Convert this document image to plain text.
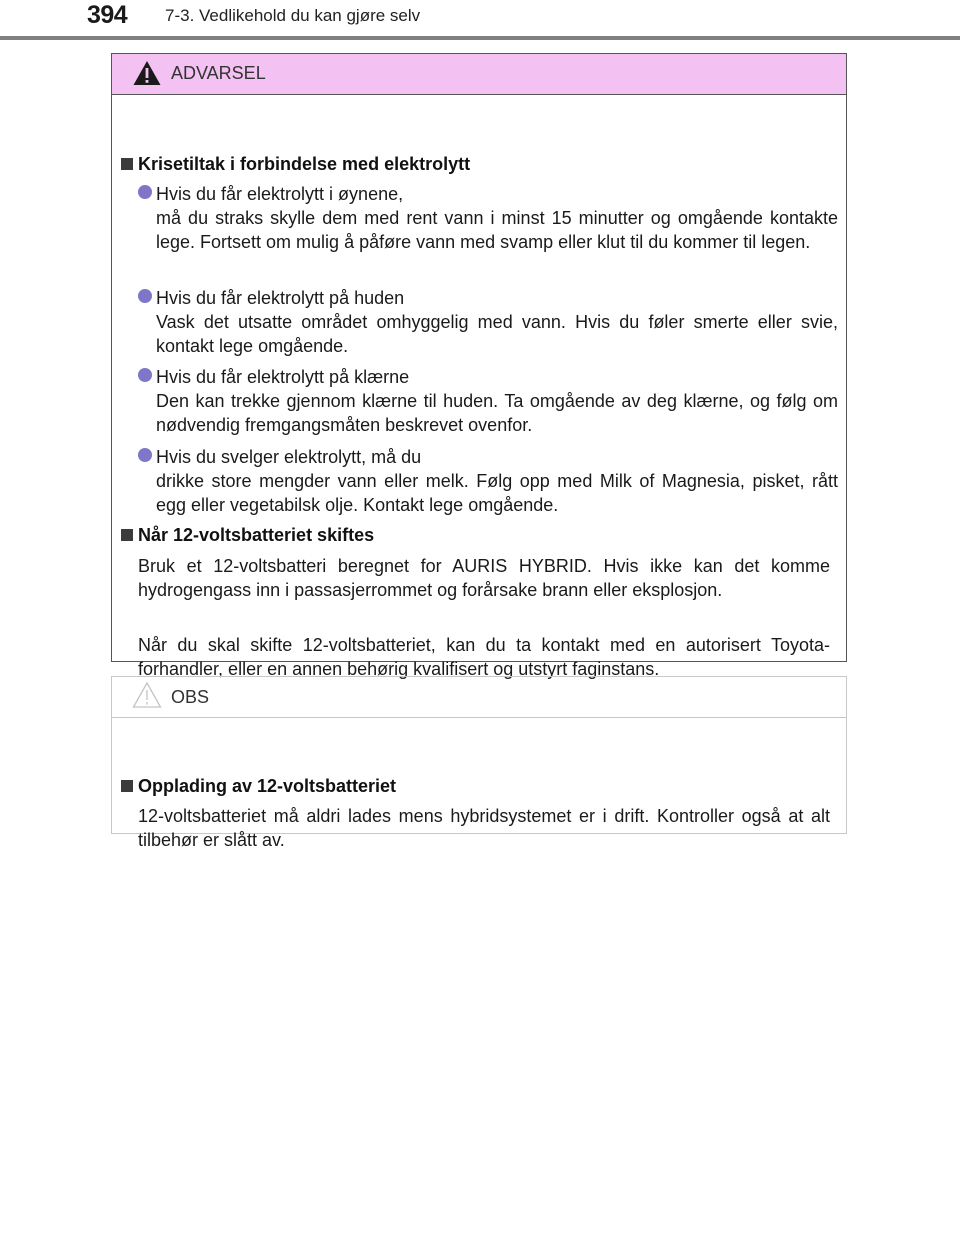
394 7-3. Vedlikehold du kan gjøre selv
ADVARSEL
Krisetiltak i forbindelse med elektrolytt
Hvis du får elektrolytt i øynene,
må du straks skylle dem med rent vann i minst 15 minutter og omgående kontakte lege. Fortsett om mulig å påføre vann med svamp eller klut til du kommer til legen.
Hvis du får elektrolytt på huden
Vask det utsatte området omhyggelig med vann. Hvis du føler smerte eller svie, kontakt lege omgående.
Hvis du får elektrolytt på klærne
Den kan trekke gjennom klærne til huden. Ta omgående av deg klærne, og følg om nødvendig fremgangsmåten beskrevet ovenfor.
Hvis du svelger elektrolytt, må du
drikke store mengder vann eller melk. Følg opp med Milk of Magnesia, pisket, rått egg eller vegetabilsk olje. Kontakt lege omgående.
Når 12-voltsbatteriet skiftes
Bruk et 12-voltsbatteri beregnet for AURIS HYBRID. Hvis ikke kan det komme hydrogengass inn i passasjerrommet og forårsake brann eller eksplosjon.
Når du skal skifte 12-voltsbatteriet, kan du ta kontakt med en autorisert Toyota-forhandler, eller en annen behørig kvalifisert og utstyrt faginstans.
OBS
Opplading av 12-voltsbatteriet
12-voltsbatteriet må aldri lades mens hybridsystemet er i drift. Kontroller også at alt tilbehør er slått av.
